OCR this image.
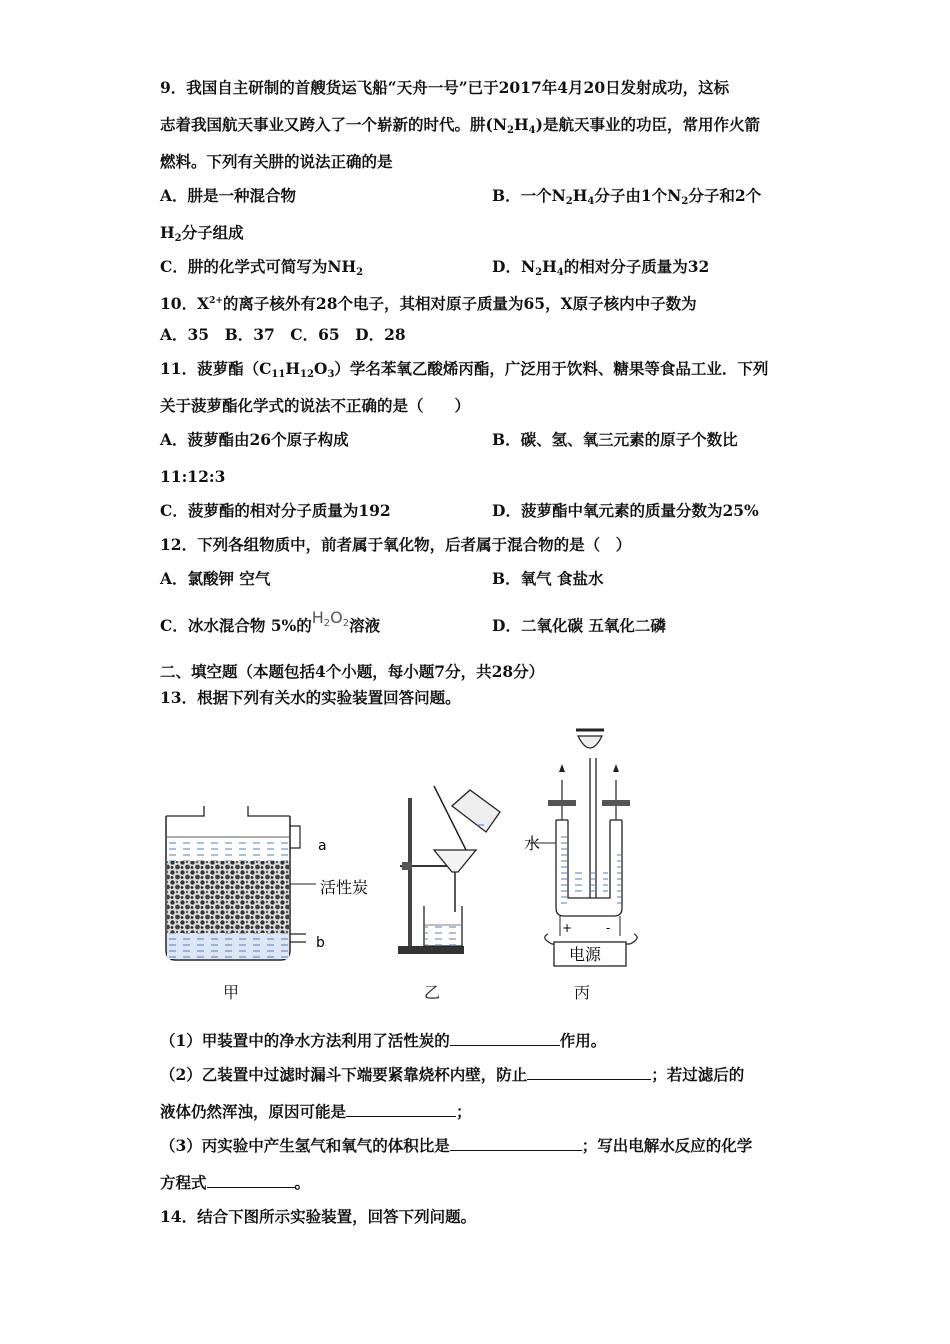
9．我国自主研制的首艘货运飞船“天舟一号”已于2017年4月20日发射成功，这标
志着我国航天事业又跨入了一个崭新的时代。肼$(N_2H_4)$是航天事业的功臣，常用作火箭
燃料。下列有关肼的说法正确的是
A．肼是一种混合物	B．一个$N_2H_4$分子由1个$N_2$分子和2个
$H_2$分子组成
C．肼的化学式可简写为$NH_2$	D．$N_2H_4$的相对分子质量为32
10．$X^{2+}$的离子核外有28个电子，其相对原子质量为65，X原子核内中子数为
A．35　B．37　C．65　D．28
11．菠萝酯$(C_{11}H_{12}O_3)$学名苯氧乙酸烯丙酯，广泛用于饮料、糖果等食品工业．下列
关于菠萝酯化学式的说法不正确的是（　　）
A．菠萝酯由26个原子构成	B．碳、氢、氧三元素的原子个数比
11:12:3
C．菠萝酯的相对分子质量为192	D．菠萝酯中氧元素的质量分数为25%
12．下列各组物质中，前者属于氧化物，后者属于混合物的是（　）
A．氯酸钾 空气	B．氧气 食盐水
C．冰水混合物 5%的$H_2O_2$溶液	D．二氧化碳 五氧化二磷
二、填空题（本题包括4个小题，每小题7分，共28分）
13．根据下列有关水的实验装置回答问题。
a
b
活性炭
水
电源
+	-
甲	乙	丙
（1）甲装置中的净水方法利用了活性炭的	作用。
（2）乙装置中过滤时漏斗下端要紧靠烧杯内壁，防止	；若过滤后的
液体仍然浑浊，原因可能是	；
（3）丙实验中产生氢气和氧气的体积比是	；写出电解水反应的化学
方程式	。
14．结合下图所示实验装置，回答下列问题。
